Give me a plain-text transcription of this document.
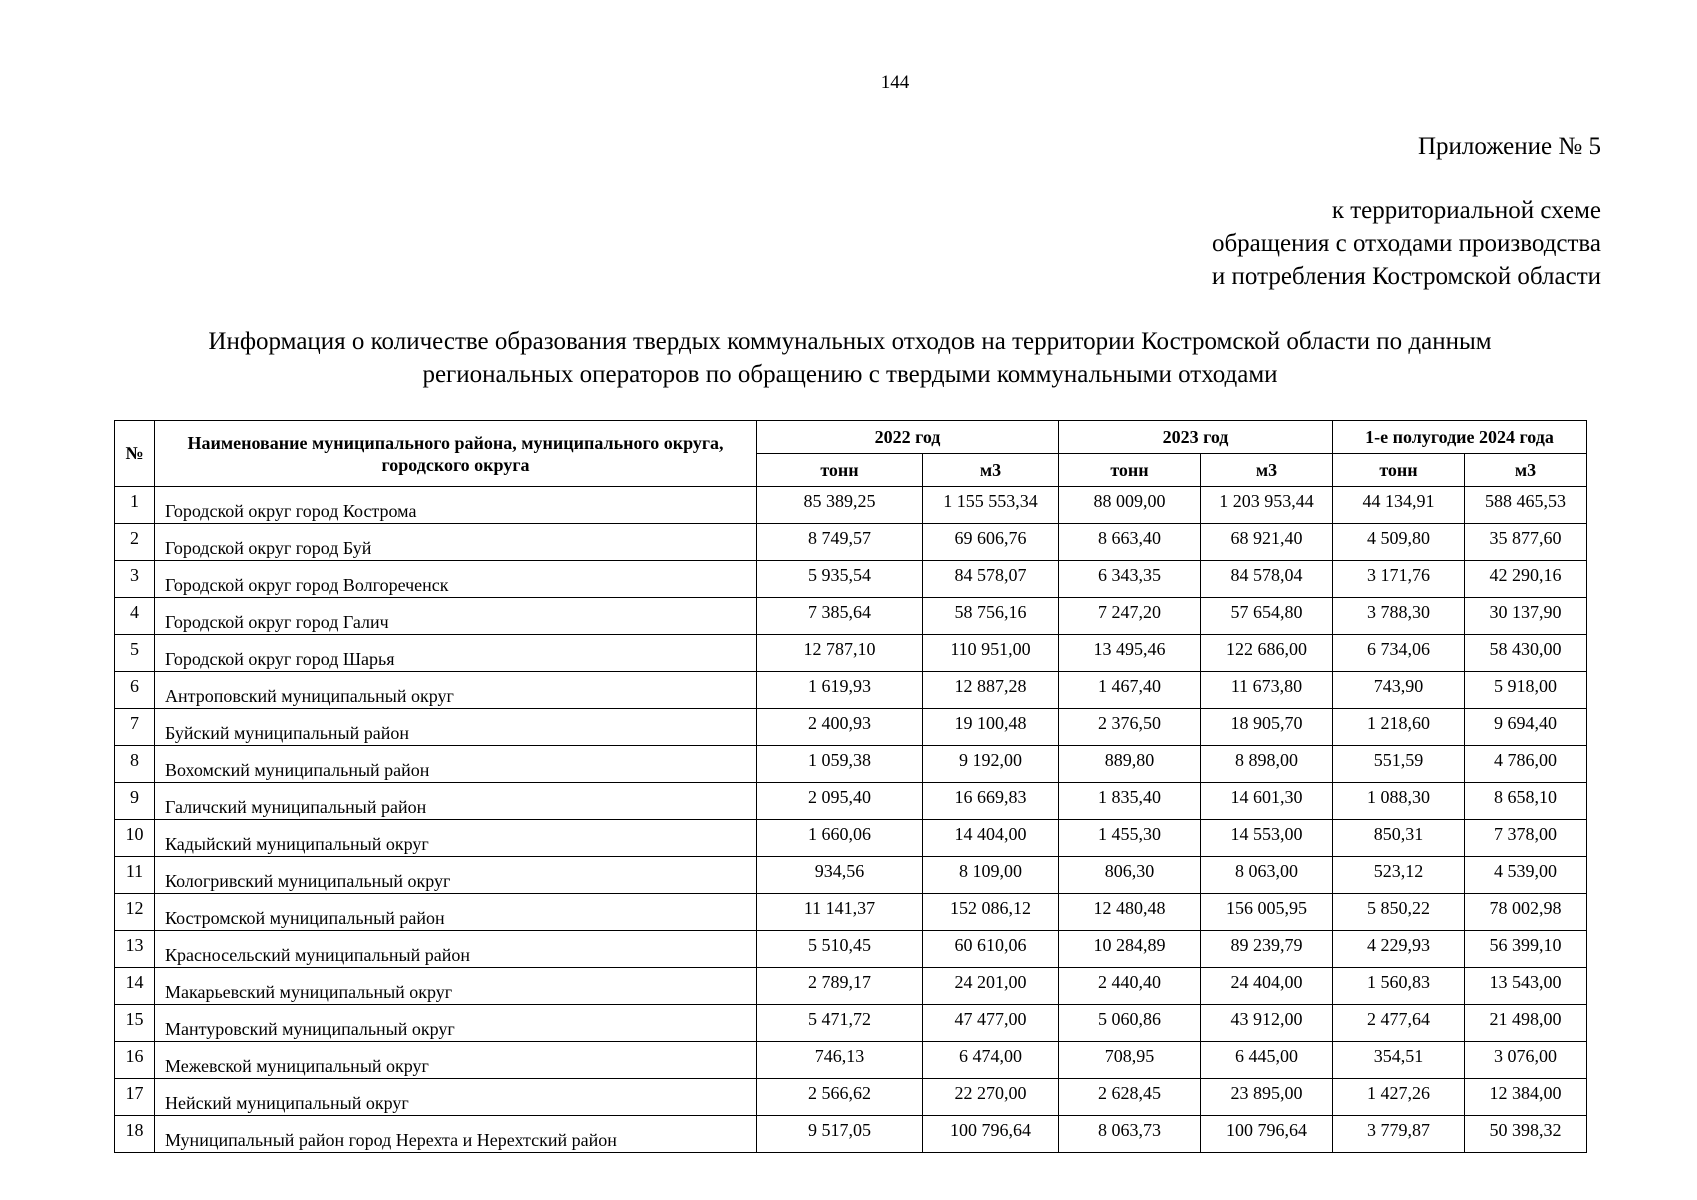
144
Приложение № 5
к территориальной схеме
обращения с отходами производства
и потребления Костромской области
Информация о количестве образования твердых коммунальных отходов на территории Костромской области по данным
региональных операторов по обращению с твердыми коммунальными отходами
№	Наименование муниципального района, муниципального округа, городского округа	2022 год		2023 год		1-е полугодие 2024 года	
		тонн	м3	тонн	м3	тонн	м3
1	Городской округ город Кострома	85 389,25	1 155 553,34	88 009,00	1 203 953,44	44 134,91	588 465,53
2	Городской округ город Буй	8 749,57	69 606,76	8 663,40	68 921,40	4 509,80	35 877,60
3	Городской округ город Волгореченск	5 935,54	84 578,07	6 343,35	84 578,04	3 171,76	42 290,16
4	Городской округ город Галич	7 385,64	58 756,16	7 247,20	57 654,80	3 788,30	30 137,90
5	Городской округ город Шарья	12 787,10	110 951,00	13 495,46	122 686,00	6 734,06	58 430,00
6	Антроповский муниципальный округ	1 619,93	12 887,28	1 467,40	11 673,80	743,90	5 918,00
7	Буйский муниципальный район	2 400,93	19 100,48	2 376,50	18 905,70	1 218,60	9 694,40
8	Вохомский муниципальный район	1 059,38	9 192,00	889,80	8 898,00	551,59	4 786,00
9	Галичский муниципальный район	2 095,40	16 669,83	1 835,40	14 601,30	1 088,30	8 658,10
10	Кадыйский муниципальный округ	1 660,06	14 404,00	1 455,30	14 553,00	850,31	7 378,00
11	Кологривский муниципальный округ	934,56	8 109,00	806,30	8 063,00	523,12	4 539,00
12	Костромской муниципальный район	11 141,37	152 086,12	12 480,48	156 005,95	5 850,22	78 002,98
13	Красносельский муниципальный район	5 510,45	60 610,06	10 284,89	89 239,79	4 229,93	56 399,10
14	Макарьевский муниципальный округ	2 789,17	24 201,00	2 440,40	24 404,00	1 560,83	13 543,00
15	Мантуровский муниципальный округ	5 471,72	47 477,00	5 060,86	43 912,00	2 477,64	21 498,00
16	Межевской муниципальный округ	746,13	6 474,00	708,95	6 445,00	354,51	3 076,00
17	Нейский муниципальный округ	2 566,62	22 270,00	2 628,45	23 895,00	1 427,26	12 384,00
18	Муниципальный район город Нерехта и Нерехтский район	9 517,05	100 796,64	8 063,73	100 796,64	3 779,87	50 398,32
